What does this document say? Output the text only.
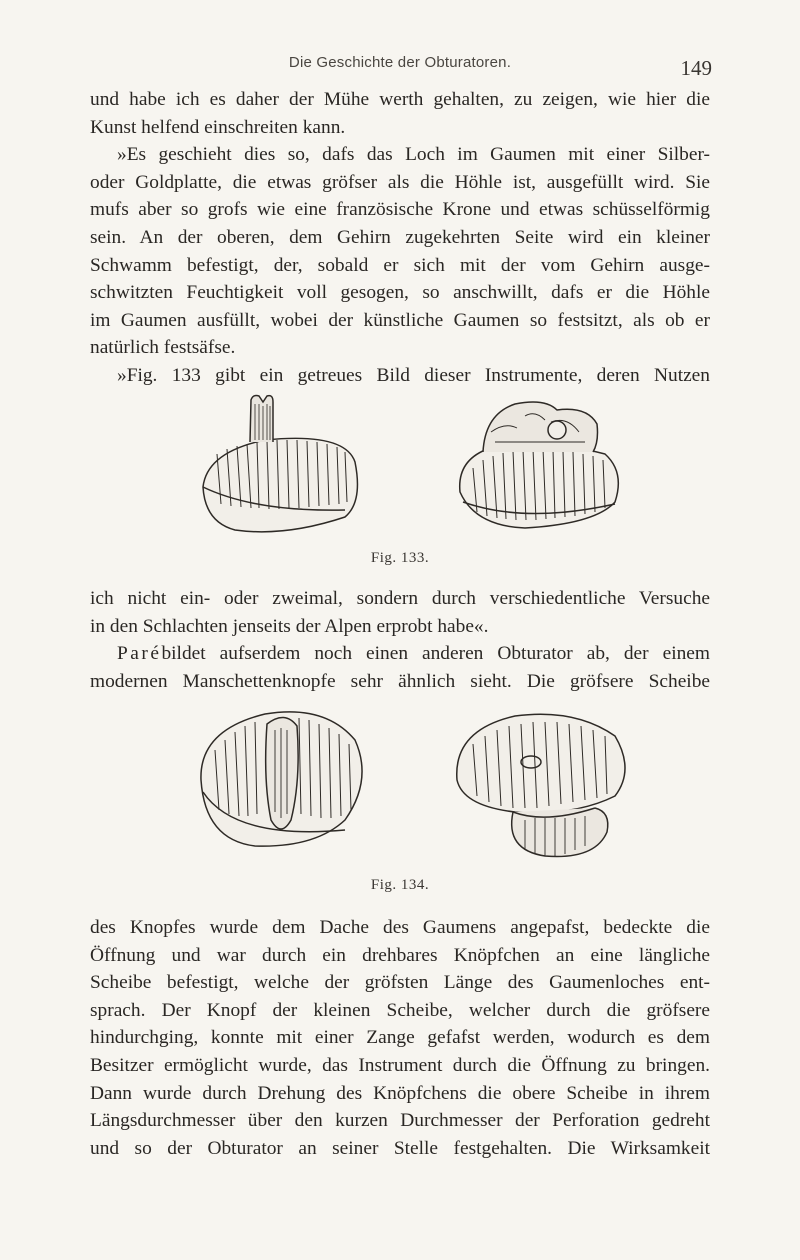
Die Geschichte der Obturatoren.	149
und habe ich es daher der Mühe werth gehalten, zu zeigen, wie hier die
Kunst helfend einschreiten kann.
»Es geschieht dies so, dafs das Loch im Gaumen mit einer Silber-
oder Goldplatte, die etwas gröfser als die Höhle ist, ausgefüllt wird. Sie
mufs aber so grofs wie eine französische Krone und etwas schüsselförmig
sein. An der oberen, dem Gehirn zugekehrten Seite wird ein kleiner
Schwamm befestigt, der, sobald er sich mit der vom Gehirn ausge-
schwitzten Feuchtigkeit voll gesogen, so anschwillt, dafs er die Höhle
im Gaumen ausfüllt, wobei der künstliche Gaumen so festsitzt, als ob er
natürlich festsäfse.
»Fig. 133 gibt ein getreues Bild dieser Instrumente, deren Nutzen
Fig. 133.
ich nicht ein- oder zweimal, sondern durch verschiedentliche Versuche
in den Schlachten jenseits der Alpen erprobt habe«.
Paré bildet aufserdem noch einen anderen Obturator ab, der einem
modernen Manschettenknopfe sehr ähnlich sieht. Die gröfsere Scheibe
Fig. 134.
des Knopfes wurde dem Dache des Gaumens angepafst, bedeckte die
Öffnung und war durch ein drehbares Knöpfchen an eine längliche
Scheibe befestigt, welche der gröfsten Länge des Gaumenloches ent-
sprach. Der Knopf der kleinen Scheibe, welcher durch die gröfsere
hindurchging, konnte mit einer Zange gefafst werden, wodurch es dem
Besitzer ermöglicht wurde, das Instrument durch die Öffnung zu bringen.
Dann wurde durch Drehung des Knöpfchens die obere Scheibe in ihrem
Längsdurchmesser über den kurzen Durchmesser der Perforation gedreht
und so der Obturator an seiner Stelle festgehalten. Die Wirksamkeit
